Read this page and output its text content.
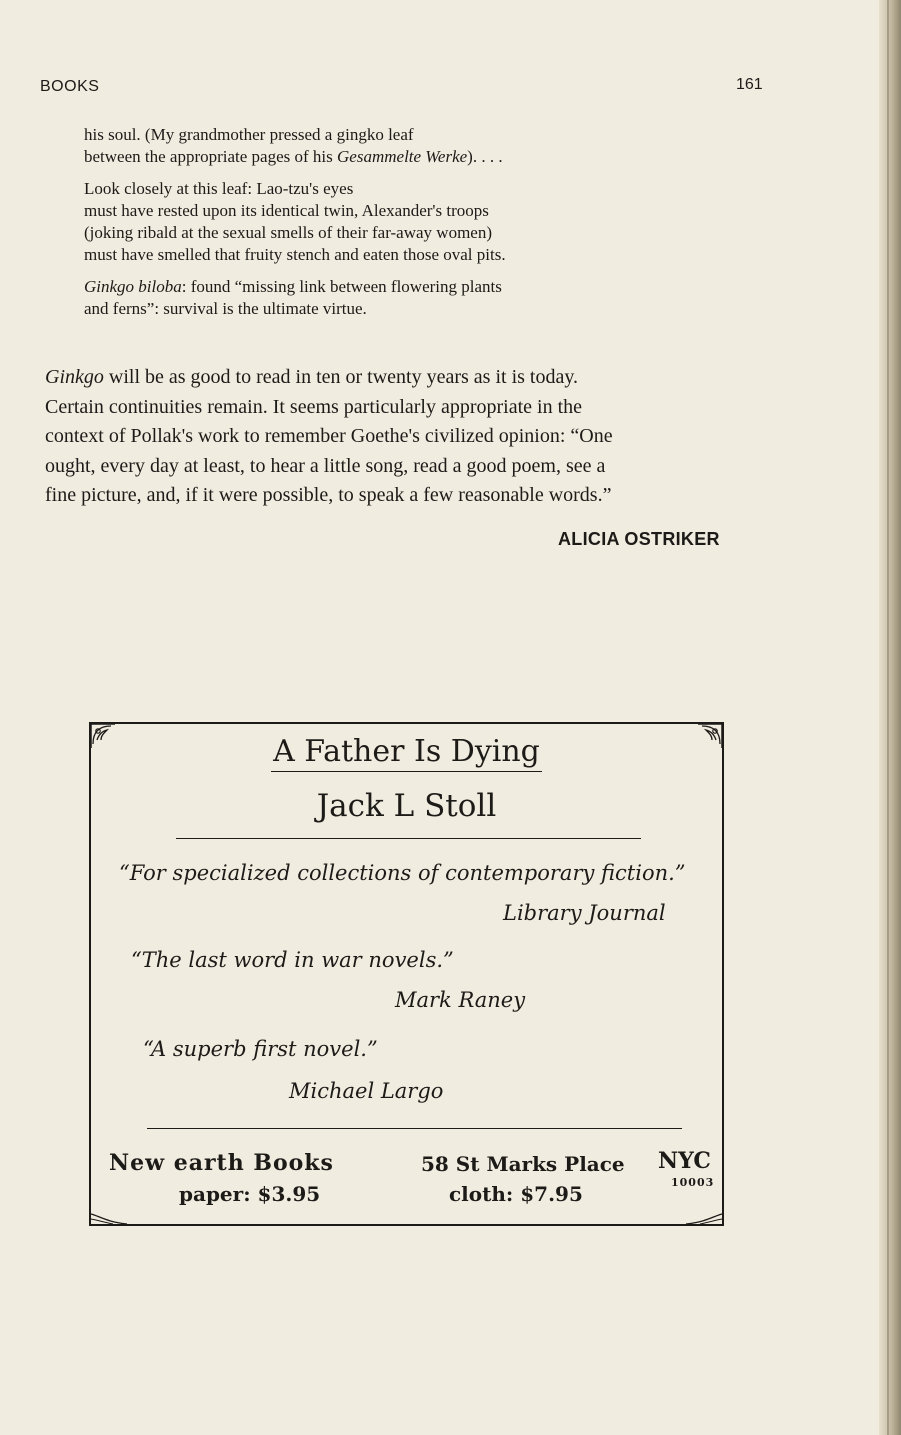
BOOKS	161
his soul. (My grandmother pressed a gingko leaf
between the appropriate pages of his Gesammelte Werke). . . .
Look closely at this leaf: Lao-tzu's eyes
must have rested upon its identical twin, Alexander's troops
(joking ribald at the sexual smells of their far-away women)
must have smelled that fruity stench and eaten those oval pits.
Ginkgo biloba: found “missing link between flowering plants
and ferns”: survival is the ultimate virtue.
Ginkgo will be as good to read in ten or twenty years as it is today.
Certain continuities remain. It seems particularly appropriate in the
context of Pollak's work to remember Goethe's civilized opinion: “One
ought, every day at least, to hear a little song, read a good poem, see a
fine picture, and, if it were possible, to speak a few reasonable words.”
ALICIA OSTRIKER
A Father Is Dying
Jack L Stoll
“For specialized collections of contemporary fiction.”
Library Journal
“The last word in war novels.”
Mark Raney
“A superb first novel.”
Michael Largo
New earth Books	58 St Marks Place NYC
10003
paper: $3.95	cloth: $7.95
